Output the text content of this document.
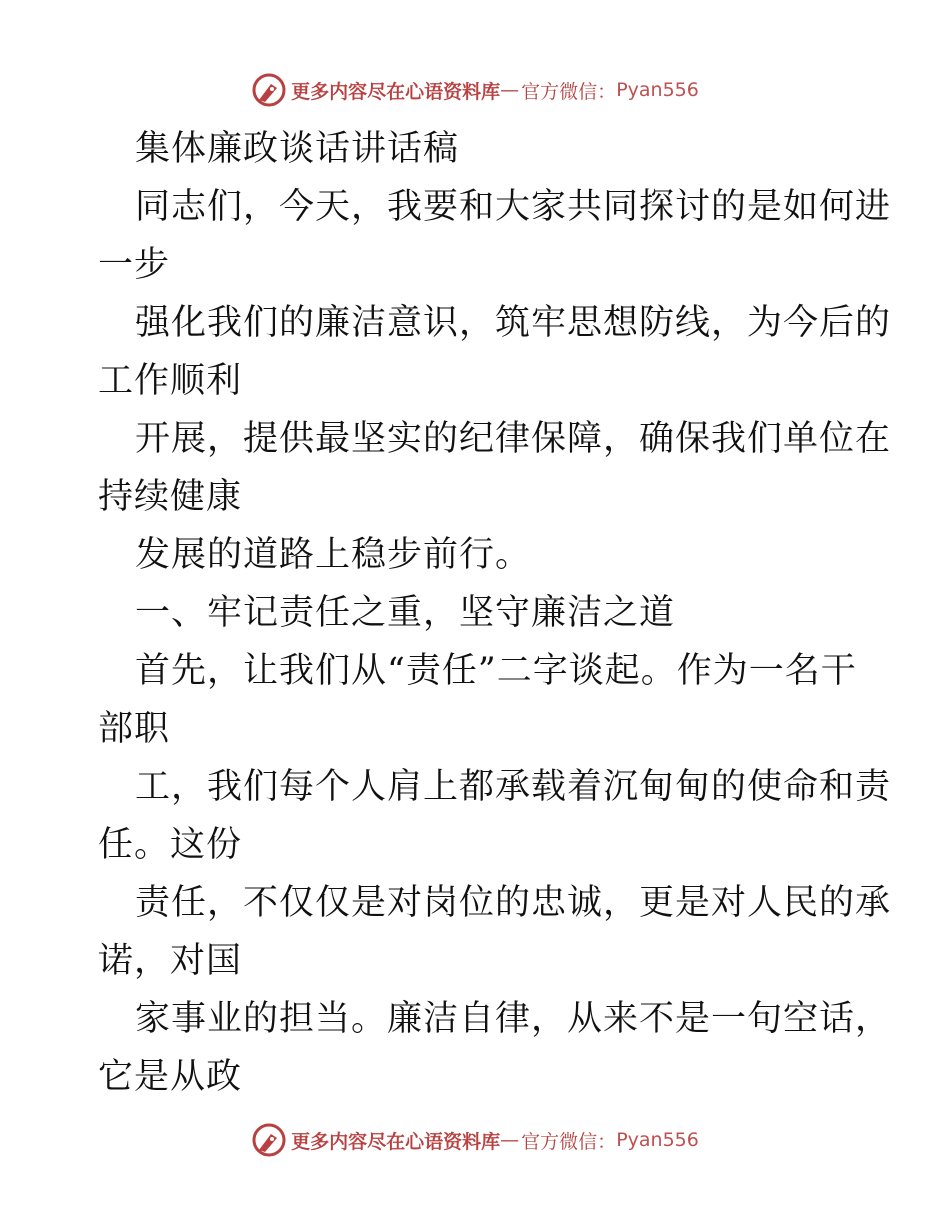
更多内容尽在心语资料库 — 官方微信： Pyan556
集体廉政谈话讲话稿
同志们，今天，我要和大家共同探讨的是如何进
一步
强化我们的廉洁意识，筑牢思想防线，为今后的
工作顺利
开展，提供最坚实的纪律保障，确保我们单位在
持续健康
发展的道路上稳步前行。
一、牢记责任之重，坚守廉洁之道
首先，让我们从“责任”二字谈起。作为一名干
部职
工，我们每个人肩上都承载着沉甸甸的使命和责
任。这份
责任，不仅仅是对岗位的忠诚，更是对人民的承
诺，对国
家事业的担当。廉洁自律，从来不是一句空话，
它是从政
更多内容尽在心语资料库 — 官方微信： Pyan556
